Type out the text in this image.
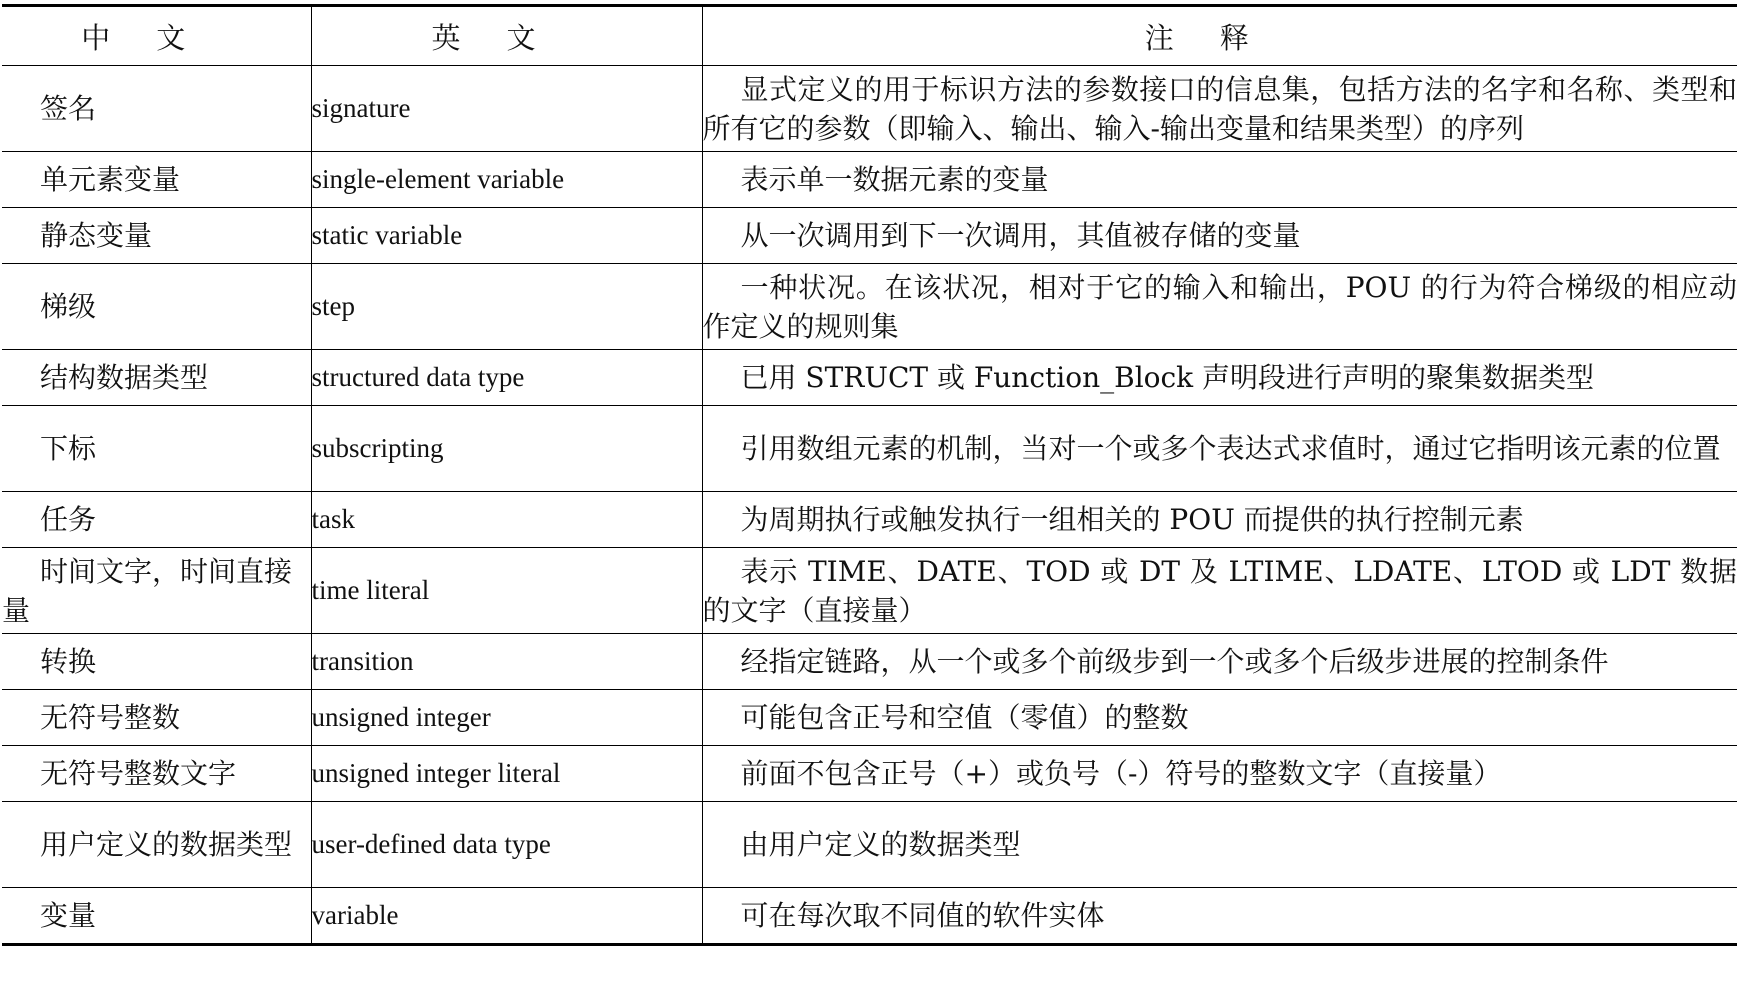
中文	英文	注释
签名	signature	显式定义的用于标识方法的参数接口的信息集，包括方法的名字和名称、类型和所有它的参数（即输入、输出、输入-输出变量和结果类型）的序列
单元素变量	single-element variable	表示单一数据元素的变量
静态变量	static variable	从一次调用到下一次调用，其值被存储的变量
梯级	step	一种状况。在该状况，相对于它的输入和输出，POU 的行为符合梯级的相应动作定义的规则集
结构数据类型	structured data type	已用 STRUCT 或 Function_Block 声明段进行声明的聚集数据类型
下标	subscripting	引用数组元素的机制，当对一个或多个表达式求值时，通过它指明该元素的位置
任务	task	为周期执行或触发执行一组相关的 POU 而提供的执行控制元素
时间文字，时间直接量	time literal	表示 TIME、DATE、TOD 或 DT 及 LTIME、LDATE、LTOD 或 LDT 数据的文字（直接量）
转换	transition	经指定链路，从一个或多个前级步到一个或多个后级步进展的控制条件
无符号整数	unsigned integer	可能包含正号和空值（零值）的整数
无符号整数文字	unsigned integer literal	前面不包含正号（+）或负号（-）符号的整数文字（直接量）
用户定义的数据类型	user-defined data type	由用户定义的数据类型
变量	variable	可在每次取不同值的软件实体
